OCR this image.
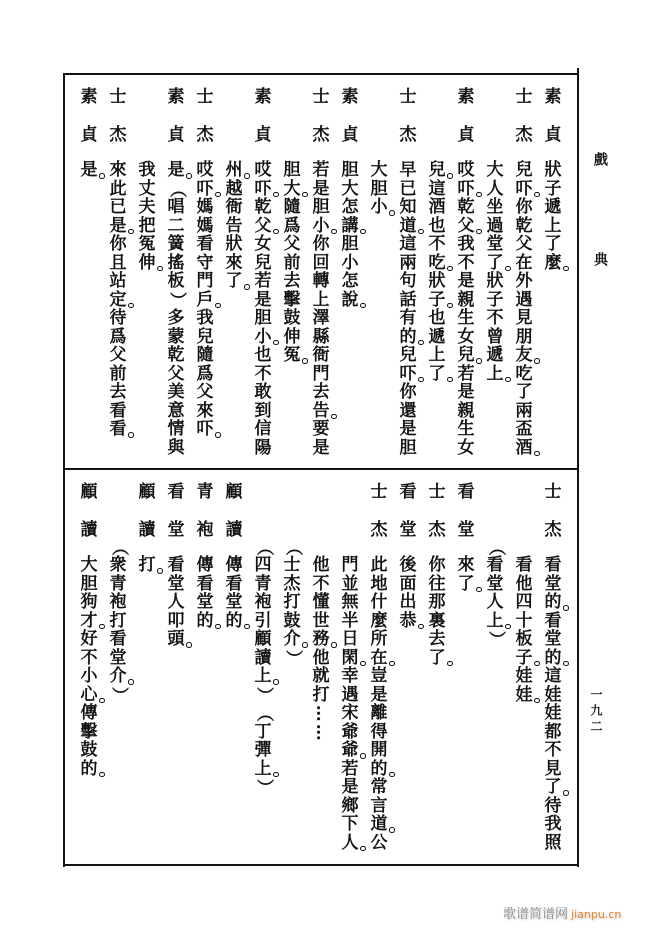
戲典
一九二
素
貞
狀
子
遞
上
了
麼
士
杰
兒
吓
你
乾
父
在
外
遇
見
朋
友
吃
了
兩
盃
酒
大
人
坐
過
堂
了
狀
子
不
曾
遞
上
素
貞
哎
吓
乾
父
我
不
是
親
生
女
兒
若
是
親
生
女
兒
這
酒
也
不
吃
狀
子
也
遞
上
了
士
杰
早
已
知
道
這
兩
句
話
有
的
兒
吓
你
還
是
胆
大
胆
小
素
貞
胆
大
怎
講
胆
小
怎
說
士
杰
若
是
胆
小
你
回
轉
上
澤
縣
衙
門
去
告
要
是
胆
大
隨
爲
父
前
去
擊
鼓
伸
冤
素
貞
哎
吓
乾
父
女
兒
若
是
胆
小
也
不
敢
到
信
陽
州
越
衙
告
狀
來
了
士
杰
哎
吓
媽
媽
看
守
門
戶
我
兒
隨
爲
父
來
吓
素
貞
是
（
唱
二
簧
搖
板
）
多
蒙
乾
父
美
意
情
與
我
丈
夫
把
冤
伸
士
杰
來
此
已
是
你
且
站
定
待
爲
父
前
去
看
看
素
貞
是
士
杰
看
堂
的
看
堂
的
這
娃
娃
都
不
見
了
待
我
照
看
他
四
十
板
子
娃
娃
（
看
堂
人
上
）
看
堂
來
了
士
杰
你
往
那
裏
去
了
看
堂
後
面
出
恭
士
杰
此
地
什
麼
所
在
豈
是
離
得
開
的
常
言
道
公
門
並
無
半
日
閑
幸
遇
宋
爺
爺
若
是
鄉
下
人
他
不
懂
世
務
他
就
打
…
…
（
士
杰
打
鼓
介
）
（
四
青
袍
引
顧
讀
上
）
（
丁
彈
上
）
顧
讀
傳
看
堂
的
青
袍
傳
看
堂
的
看
堂
看
堂
人
叩
頭
顧
讀
打
（
衆
青
袍
打
看
堂
介
）
顧
讀
大
胆
狗
才
好
不
小
心
傳
擊
鼓
的
歌谱简谱网 jianpu.cn
